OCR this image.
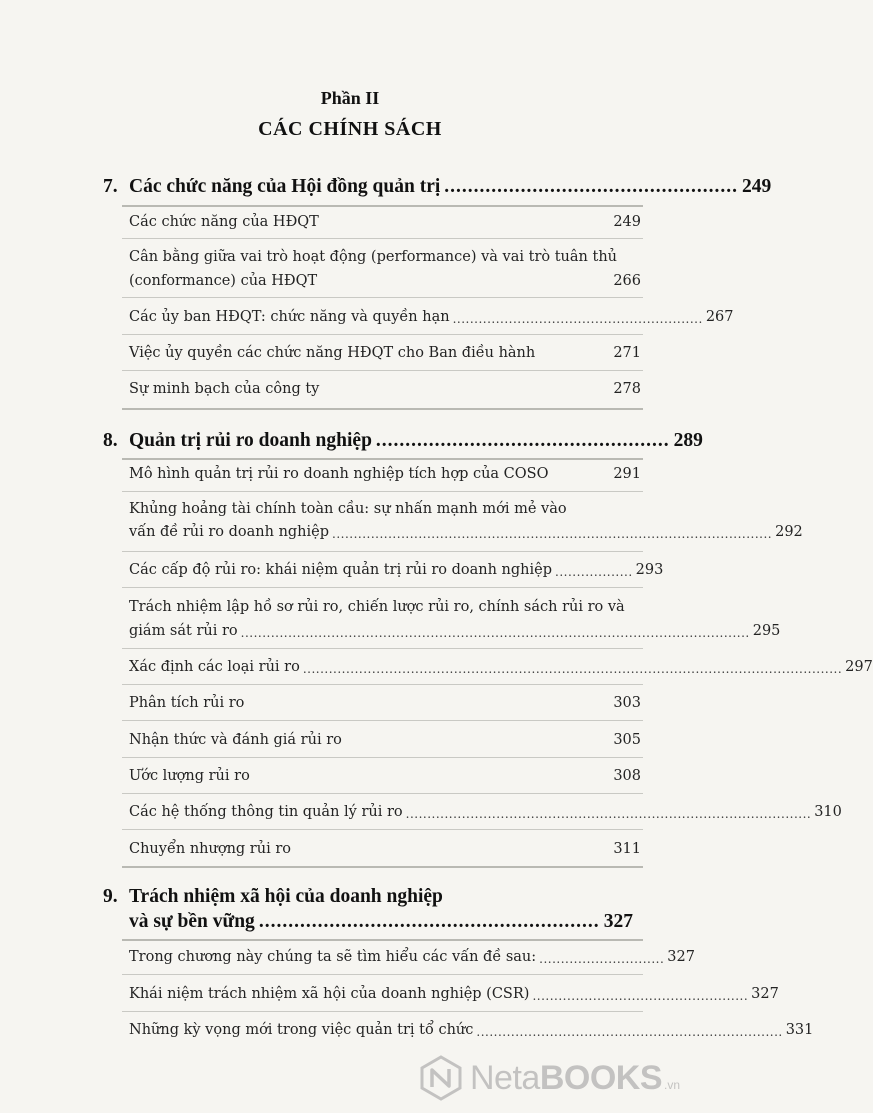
Phần II
CÁC CHÍNH SÁCH
7. Các chức năng của Hội đồng quản trị .................................................. 249
Các chức năng của HĐQT	249
Cân bằng giữa vai trò hoạt động (performance) và vai trò tuân thủ
(conformance) của HĐQT	266
Các ủy ban HĐQT: chức năng và quyền hạn .......................................................... 267
Việc ủy quyền các chức năng HĐQT cho Ban điều hành	271
Sự minh bạch của công ty	278
8. Quản trị rủi ro doanh nghiệp .................................................. 289
Mô hình quản trị rủi ro doanh nghiệp tích hợp của COSO	291
Khủng hoảng tài chính toàn cầu: sự nhấn mạnh mới mẻ vào
vấn đề rủi ro doanh nghiệp ...................................................................................................... 292
Các cấp độ rủi ro: khái niệm quản trị rủi ro doanh nghiệp .................. 293
Trách nhiệm lập hồ sơ rủi ro, chiến lược rủi ro, chính sách rủi ro và
giám sát rủi ro ...................................................................................................................... 295
Xác định các loại rủi ro ............................................................................................................................. 297
Phân tích rủi ro	303
Nhận thức và đánh giá rủi ro	305
Ước lượng rủi ro	308
Các hệ thống thông tin quản lý rủi ro .............................................................................................. 310
Chuyển nhượng rủi ro	311
9. Trách nhiệm xã hội của doanh nghiệp
và sự bền vững .......................................................... 327
Trong chương này chúng ta sẽ tìm hiểu các vấn đề sau: ............................. 327
Khái niệm trách nhiệm xã hội của doanh nghiệp (CSR) .................................................. 327
Những kỳ vọng mới trong việc quản trị tổ chức ....................................................................... 331
NetaBOOKS .vn
